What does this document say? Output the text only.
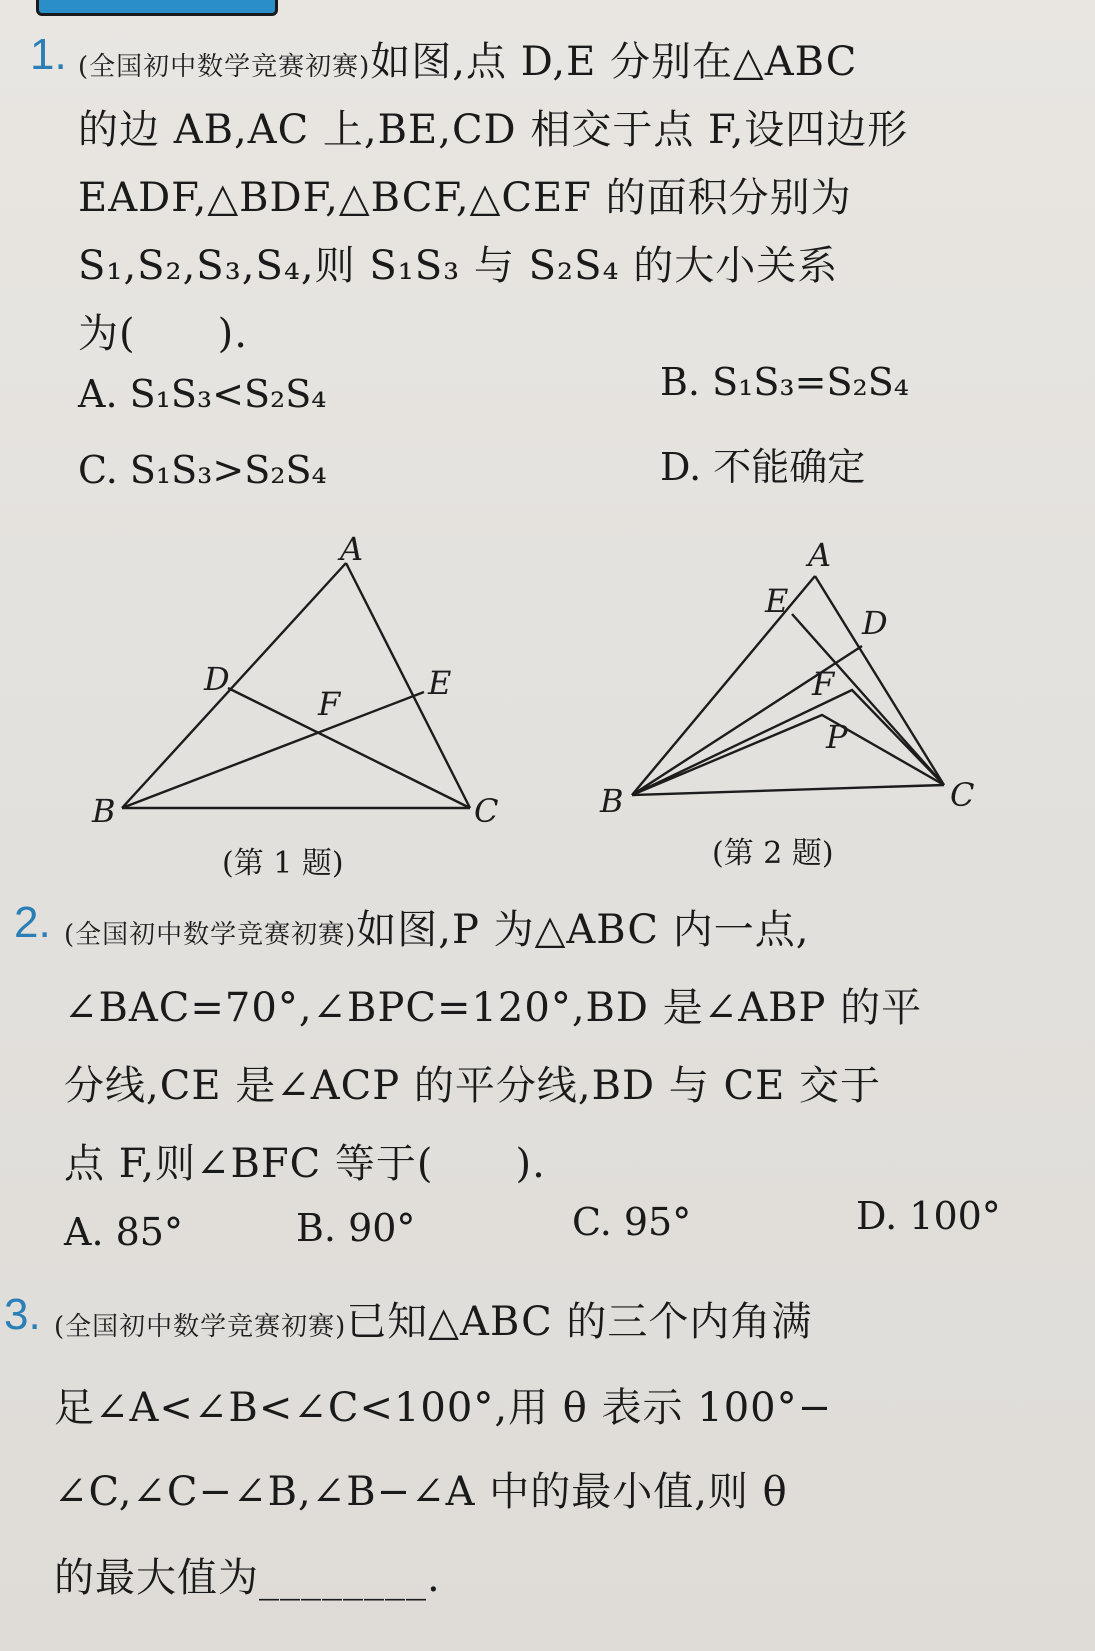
1. (全国初中数学竞赛初赛)如图,点 D,E 分别在△ABC
的边 AB,AC 上,BE,CD 相交于点 F,设四边形
EADF,△BDF,△BCF,△CEF 的面积分别为
S₁,S₂,S₃,S₄,则 S₁S₃ 与 S₂S₄ 的大小关系
为(　　).
A. S₁S₃<S₂S₄	B. S₁S₃=S₂S₄
C. S₁S₃>S₂S₄	D. 不能确定
A
B	C
D	E
F
(第 1 题)
A
B	C
D
E
F
P
(第 2 题)
2. (全国初中数学竞赛初赛)如图,P 为△ABC 内一点,
∠BAC=70°,∠BPC=120°,BD 是∠ABP 的平
分线,CE 是∠ACP 的平分线,BD 与 CE 交于
点 F,则∠BFC 等于(　　).
A. 85°	B. 90°	C. 95°	D. 100°
3. (全国初中数学竞赛初赛)已知△ABC 的三个内角满
足∠A<∠B<∠C<100°,用 θ 表示 100°−
∠C,∠C−∠B,∠B−∠A 中的最小值,则 θ
的最大值为________.
